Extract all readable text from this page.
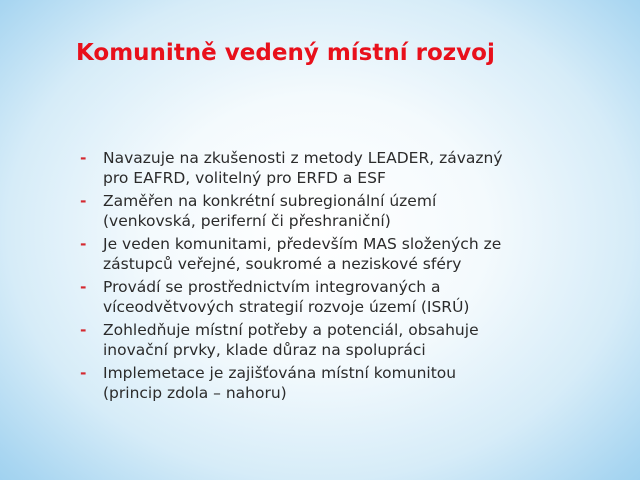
Komunitně vedený místní rozvoj
- Navazuje na zkušenosti z metody LEADER, závazný
pro EAFRD, volitelný pro ERFD a ESF
- Zaměřen na konkrétní subregionální území
(venkovská, periferní či přeshraniční)
- Je veden komunitami, především MAS složených ze
zástupců veřejné, soukromé a neziskové sféry
- Provádí se prostřednictvím integrovaných a
víceodvětvových strategií rozvoje území (ISRÚ)
- Zohledňuje místní potřeby a potenciál, obsahuje
inovační prvky, klade důraz na spolupráci
- Implemetace je zajišťována místní komunitou
(princip zdola – nahoru)
